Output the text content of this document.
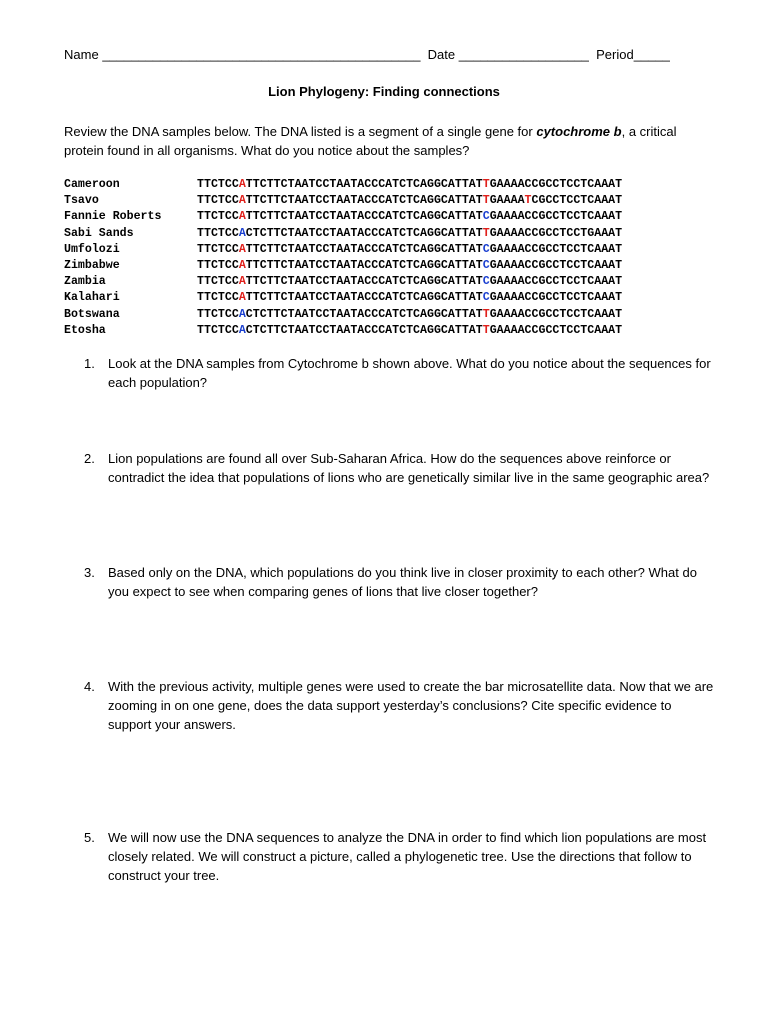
Name ____________________________________________ Date __________________ Period_____
Lion Phylogeny: Finding connections
Review the DNA samples below. The DNA listed is a segment of a single gene for cytochrome b, a critical protein found in all organisms. What do you notice about the samples?
Cameroon	TTCTCCATTCTTCTAATCCTAATACCCATCTCAGGCATTATTGAAAACCGCCTCCTCAAAT
Tsavo	TTCTCCATTCTTCTAATCCTAATACCCATCTCAGGCATTATTGAAAATCGCCTCCTCAAAT
Fannie Roberts	TTCTCCATTCTTCTAATCCTAATACCCATCTCAGGCATTATCGAAAACCGCCTCCTCAAAT
Sabi Sands	TTCTCCACTCTTCTAATCCTAATACCCATCTCAGGCATTATTGAAAACCGCCTCCTGAAAT
Umfolozi	TTCTCCATTCTTCTAATCCTAATACCCATCTCAGGCATTATCGAAAACCGCCTCCTCAAAT
Zimbabwe	TTCTCCATTCTTCTAATCCTAATACCCATCTCAGGCATTATCGAAAACCGCCTCCTCAAAT
Zambia	TTCTCCATTCTTCTAATCCTAATACCCATCTCAGGCATTATCGAAAACCGCCTCCTCAAAT
Kalahari	TTCTCCATTCTTCTAATCCTAATACCCATCTCAGGCATTATCGAAAACCGCCTCCTCAAAT
Botswana	TTCTCCACTCTTCTAATCCTAATACCCATCTCAGGCATTATTGAAAACCGCCTCCTCAAAT
Etosha	TTCTCCACTCTTCTAATCCTAATACCCATCTCAGGCATTATTGAAAACCGCCTCCTCAAAT
1.	Look at the DNA samples from Cytochrome b shown above. What do you notice about the sequences for each population?
2.	Lion populations are found all over Sub-Saharan Africa. How do the sequences above reinforce or contradict the idea that populations of lions who are genetically similar live in the same geographic area?
3.	Based only on the DNA, which populations do you think live in closer proximity to each other? What do you expect to see when comparing genes of lions that live closer together?
4.	With the previous activity, multiple genes were used to create the bar microsatellite data. Now that we are zooming in on one gene, does the data support yesterday’s conclusions? Cite specific evidence to support your answers.
5.	We will now use the DNA sequences to analyze the DNA in order to find which lion populations are most closely related. We will construct a picture, called a phylogenetic tree. Use the directions that follow to construct your tree.
